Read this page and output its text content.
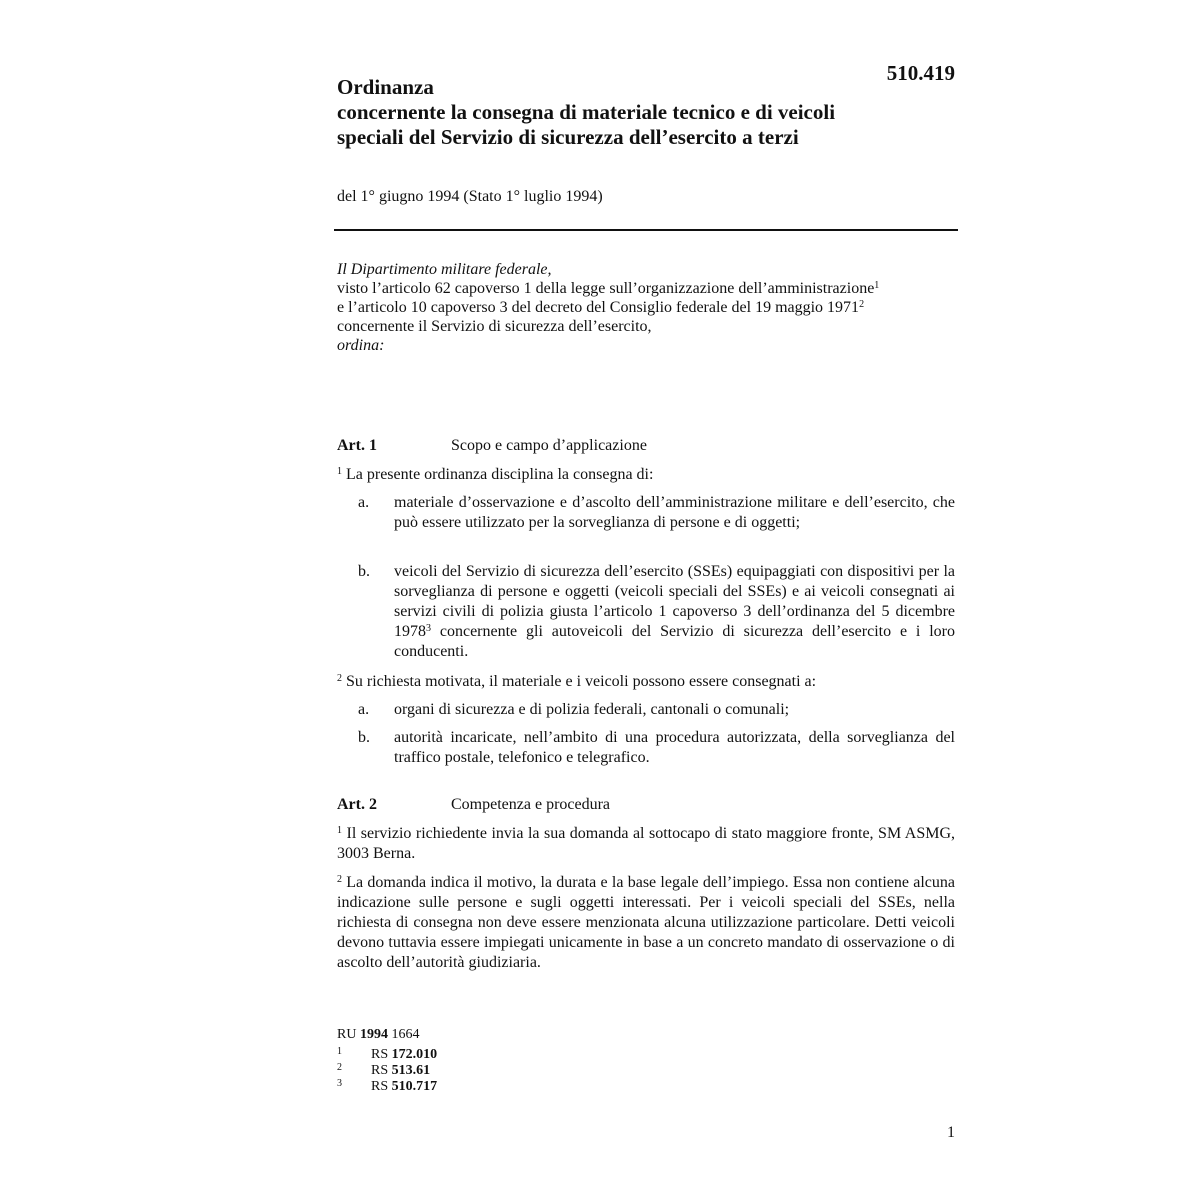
510.419
Ordinanza
concernente la consegna di materiale tecnico e di veicoli
speciali del Servizio di sicurezza dell’esercito a terzi
del 1° giugno 1994 (Stato 1° luglio 1994)
Il Dipartimento militare federale,
visto l’articolo 62 capoverso 1 della legge sull’organizzazione dell’amministrazione$^1$
e l’articolo 10 capoverso 3 del decreto del Consiglio federale del 19 maggio 1971$^2$
concernente il Servizio di sicurezza dell’esercito,
ordina:
Art. 1	Scopo e campo d’applicazione
$^1$ La presente ordinanza disciplina la consegna di:
a. materiale d’osservazione e d’ascolto dell’amministrazione militare e dell’esercito, che può essere utilizzato per la sorveglianza di persone e di oggetti;
b. veicoli del Servizio di sicurezza dell’esercito (SSEs) equipaggiati con dispositivi per la sorveglianza di persone e oggetti (veicoli speciali del SSEs) e ai veicoli consegnati ai servizi civili di polizia giusta l’articolo 1 capoverso 3 dell’ordinanza del 5 dicembre 1978$^3$ concernente gli autoveicoli del Servizio di sicurezza dell’esercito e i loro conducenti.
$^2$ Su richiesta motivata, il materiale e i veicoli possono essere consegnati a:
a. organi di sicurezza e di polizia federali, cantonali o comunali;
b. autorità incaricate, nell’ambito di una procedura autorizzata, della sorveglianza del traffico postale, telefonico e telegrafico.
Art. 2	Competenza e procedura
$^1$ Il servizio richiedente invia la sua domanda al sottocapo di stato maggiore fronte, SM ASMG, 3003 Berna.
$^2$ La domanda indica il motivo, la durata e la base legale dell’impiego. Essa non contiene alcuna indicazione sulle persone e sugli oggetti interessati. Per i veicoli speciali del SSEs, nella richiesta di consegna non deve essere menzionata alcuna utilizzazione particolare. Detti veicoli devono tuttavia essere impiegati unicamente in base a un concreto mandato di osservazione o di ascolto dell’autorità giudiziaria.
RU 1994 1664
1 RS 172.010
2 RS 513.61
3 RS 510.717
1
